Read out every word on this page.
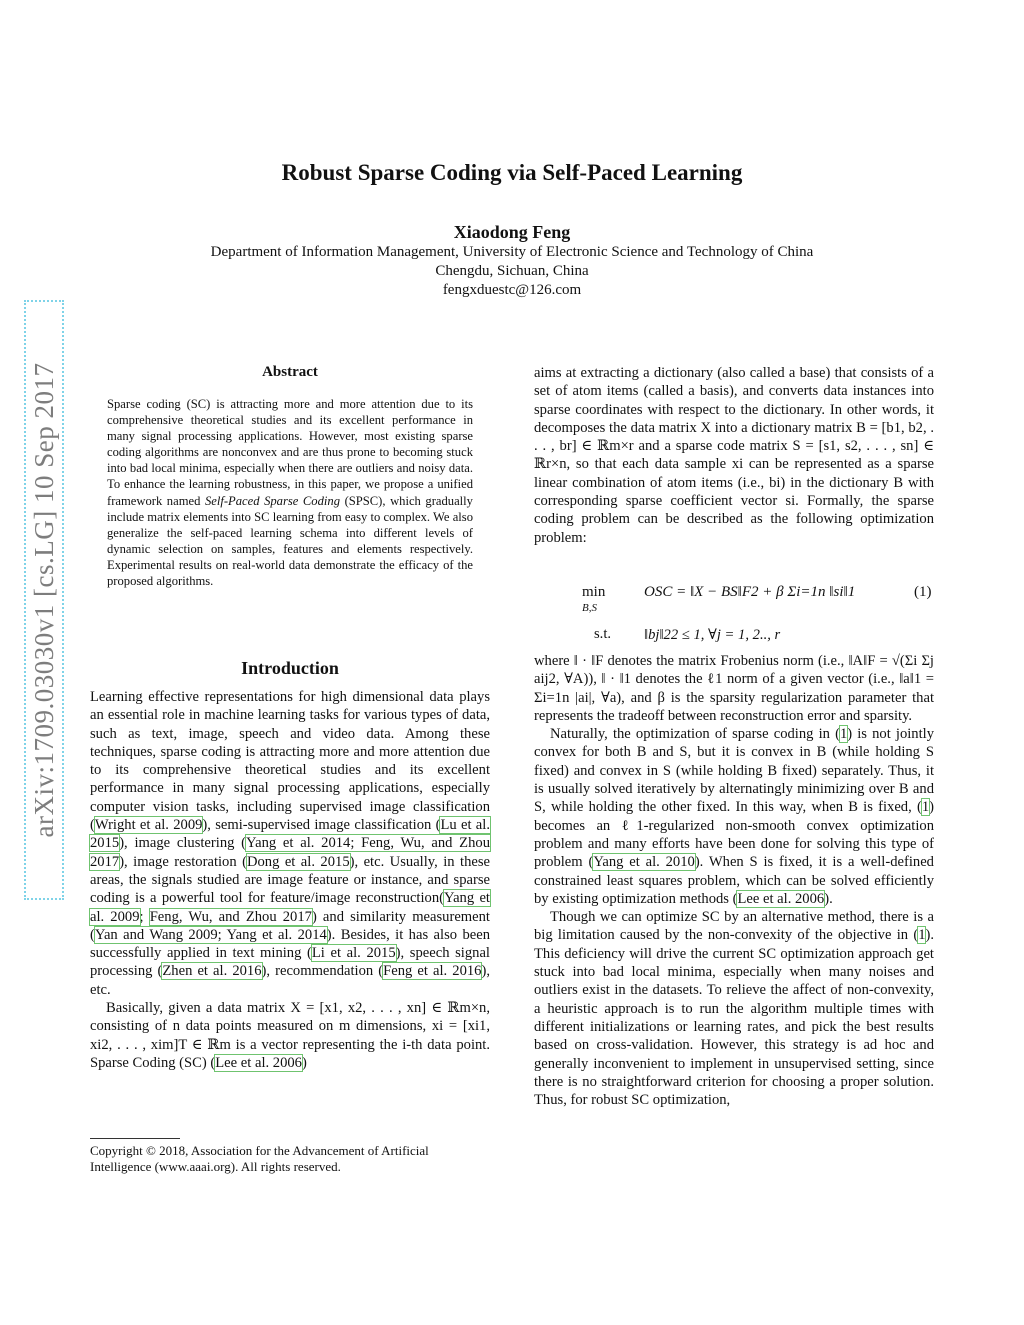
arXiv:1709.03030v1 [cs.LG] 10 Sep 2017
Robust Sparse Coding via Self-Paced Learning
Xiaodong Feng
Department of Information Management, University of Electronic Science and Technology of China
Chengdu, Sichuan, China
fengxduestc@126.com
Abstract
Sparse coding (SC) is attracting more and more attention due to its comprehensive theoretical studies and its excellent performance in many signal processing applications. However, most existing sparse coding algorithms are nonconvex and are thus prone to becoming stuck into bad local minima, especially when there are outliers and noisy data. To enhance the learning robustness, in this paper, we propose a unified framework named Self-Paced Sparse Coding (SPSC), which gradually include matrix elements into SC learning from easy to complex. We also generalize the self-paced learning schema into different levels of dynamic selection on samples, features and elements respectively. Experimental results on real-world data demonstrate the efficacy of the proposed algorithms.
Introduction

Learning effective representations for high dimensional data plays an essential role in machine learning tasks for various types of data, such as text, image, speech and video data. Among these techniques, sparse coding is attracting more and more attention due to its comprehensive theoretical studies and its excellent performance in many signal processing applications, especially computer vision tasks, including supervised image classification (Wright et al. 2009), semi-supervised image classification (Lu et al. 2015), image clustering (Yang et al. 2014; Feng, Wu, and Zhou 2017), image restoration (Dong et al. 2015), etc. Usually, in these areas, the signals studied are image feature or instance, and sparse coding is a powerful tool for feature/image reconstruction(Yang et al. 2009; Feng, Wu, and Zhou 2017) and similarity measurement (Yan and Wang 2009; Yang et al. 2014). Besides, it has also been successfully applied in text mining (Li et al. 2015), speech signal processing (Zhen et al. 2016), recommendation (Feng et al. 2016), etc.

Basically, given a data matrix X = [x1, x2, . . . , xn] ∈ ℝm×n, consisting of n data points measured on m dimensions, xi = [xi1, xi2, . . . , xim]T ∈ ℝm is a vector representing the i-th data point. Sparse Coding (SC) (Lee et al. 2006)

Copyright © 2018, Association for the Advancement of Artificial Intelligence (www.aaai.org). All rights reserved.
aims at extracting a dictionary (also called a base) that consists of a set of atom items (called a basis), and converts data instances into sparse coordinates with respect to the dictionary. In other words, it decomposes the data matrix X into a dictionary matrix B = [b1, b2, . . . , br] ∈ ℝm×r and a sparse code matrix S = [s1, s2, . . . , sn] ∈ ℝr×n, so that each data sample xi can be represented as a sparse linear combination of atom items (i.e., bi) in the dictionary B with corresponding sparse coefficient vector si. Formally, the sparse coding problem can be described as the following optimization problem:
min
B,S
OSC = ‖X − BS‖F2 + β Σi=1n ‖si‖1	(1)
s.t. ‖bj‖22 ≤ 1, ∀j = 1, 2.., r

where ‖ · ‖F denotes the matrix Frobenius norm (i.e., ‖A‖F = √(Σi Σj aij2, ∀A)), ‖ · ‖1 denotes the ℓ1 norm of a given vector (i.e., ‖a‖1 = Σi=1n |ai|, ∀a), and β is the sparsity regularization parameter that represents the tradeoff between reconstruction error and sparsity.

Naturally, the optimization of sparse coding in (1) is not jointly convex for both B and S, but it is convex in B (while holding S fixed) and convex in S (while holding B fixed) separately. Thus, it is usually solved iteratively by alternatingly minimizing over B and S, while holding the other fixed. In this way, when B is fixed, (1) becomes an ℓ1-regularized non-smooth convex optimization problem and many efforts have been done for solving this type of problem (Yang et al. 2010). When S is fixed, it is a well-defined constrained least squares problem, which can be solved efficiently by existing optimization methods (Lee et al. 2006).

Though we can optimize SC by an alternative method, there is a big limitation caused by the non-convexity of the objective in (1). This deficiency will drive the current SC optimization approach get stuck into bad local minima, especially when many noises and outliers exist in the datasets. To relieve the affect of non-convexity, a heuristic approach is to run the algorithm multiple times with different initializations or learning rates, and pick the best results based on cross-validation. However, this strategy is ad hoc and generally inconvenient to implement in unsupervised setting, since there is no straightforward criterion for choosing a proper solution. Thus, for robust SC optimization,
